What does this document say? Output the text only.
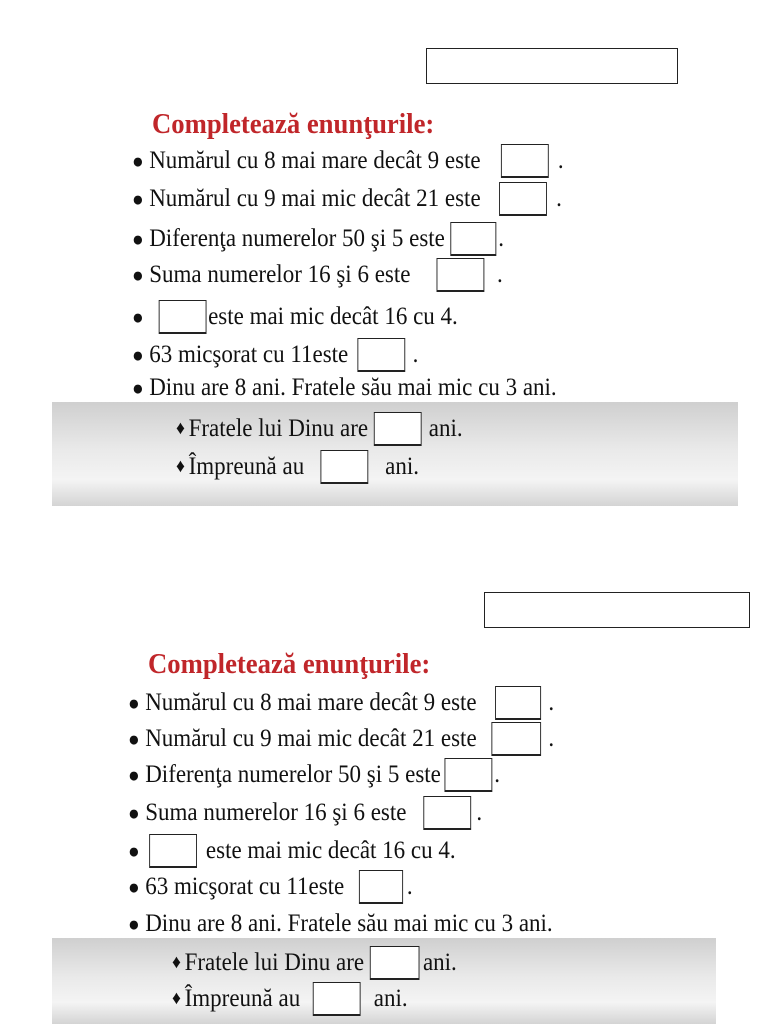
Completează enunţurile:
● Numărul cu 8 mai mare decât 9 este	.
● Numărul cu 9 mai mic decât 21 este	.
● Diferenţa numerelor 50 şi 5 este .
● Suma numerelor 16 şi 6 este	.
●	este mai mic decât 16 cu 4.
● 63 micşorat cu 11este	.
● Dinu are 8 ani. Fratele său mai mic cu 3 ani.
♦ Fratele lui Dinu are ani.
♦ Împreună au	ani.
Completează enunţurile:
● Numărul cu 8 mai mare decât 9 este	.
● Numărul cu 9 mai mic decât 21 este	.
● Diferenţa numerelor 50 şi 5 este .
● Suma numerelor 16 şi 6 este	.
●	este mai mic decât 16 cu 4.
● 63 micşorat cu 11este	.
● Dinu are 8 ani. Fratele său mai mic cu 3 ani.
♦ Fratele lui Dinu are ani.
♦ Împreună au	ani.
